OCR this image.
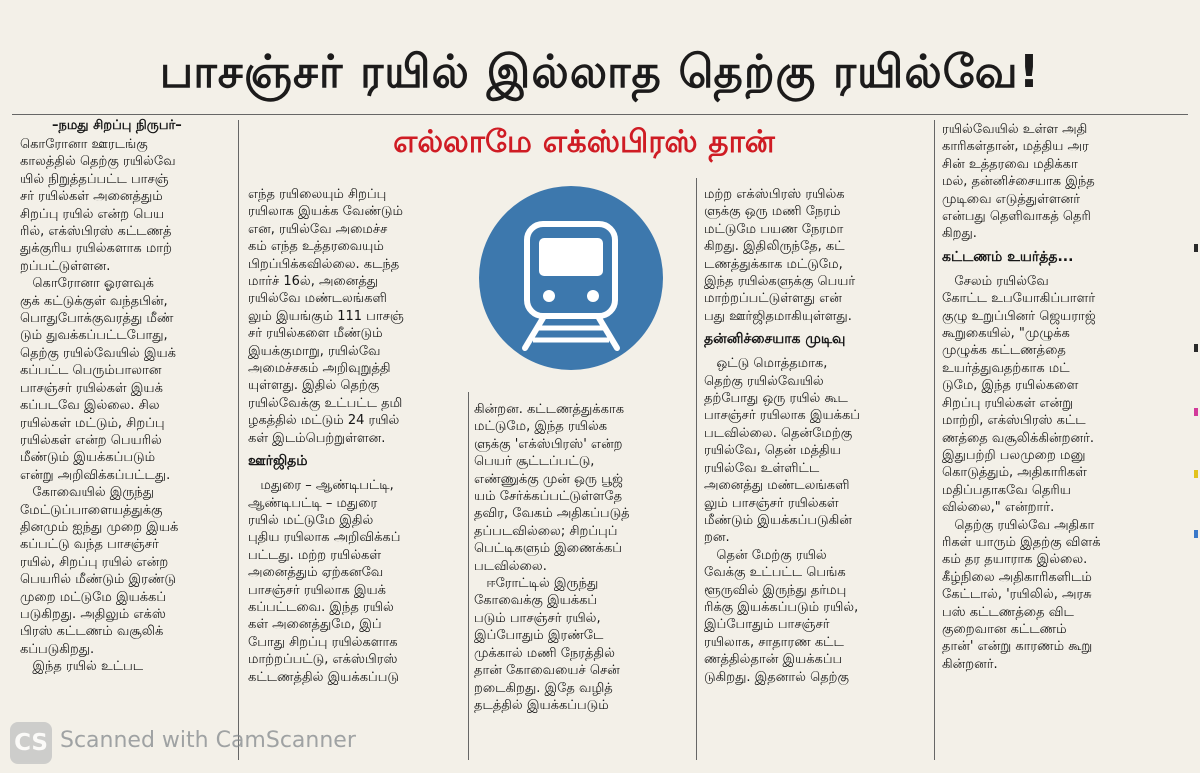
பாசஞ்சர் ரயில் இல்லாத தெற்கு ரயில்வே!
–நமது சிறப்பு நிருபர்–	எல்லாமே எக்ஸ்பிரஸ் தான்

கொரோனா ஊரடங்கு

காலத்தில் தெற்கு ரயில்வே

யில் நிறுத்தப்பட்ட பாசஞ்

சர் ரயில்கள் அனைத்தும்

சிறப்பு ரயில் என்ற பெய

ரில், எக்ஸ்பிரஸ் கட்டணத்

துக்குரிய ரயில்களாக மாற்

றப்பட்டுள்ளன.

கொரோனா ஓரளவுக்

குக் கட்டுக்குள் வந்தபின்,

பொதுபோக்குவரத்து மீண்

டும் துவக்கப்பட்டபோது,

தெற்கு ரயில்வேயில் இயக்

கப்பட்ட பெரும்பாலான

பாசஞ்சர் ரயில்கள் இயக்

கப்படவே இல்லை. சில

ரயில்கள் மட்டும், சிறப்பு

ரயில்கள் என்ற பெயரில்

மீண்டும் இயக்கப்படும்

என்று அறிவிக்கப்பட்டது.

கோவையில் இருந்து

மேட்டுப்பாளையத்துக்கு

தினமும் ஐந்து முறை இயக்

கப்பட்டு வந்த பாசஞ்சர்

ரயில், சிறப்பு ரயில் என்ற

பெயரில் மீண்டும் இரண்டு

முறை மட்டுமே இயக்கப்

படுகிறது. அதிலும் எக்ஸ்

பிரஸ் கட்டணம் வசூலிக்

கப்படுகிறது.

இந்த ரயில் உட்பட

எந்த ரயிலையும் சிறப்பு

ரயிலாக இயக்க வேண்டும்

என, ரயில்வே அமைச்ச

கம் எந்த உத்தரவையும்

பிறப்பிக்கவில்லை. கடந்த

மார்ச் 16ல், அனைத்து

ரயில்வே மண்டலங்களி

லும் இயங்கும் 111 பாசஞ்

சர் ரயில்களை மீண்டும்

இயக்குமாறு, ரயில்வே

அமைச்சகம் அறிவுறுத்தி

யுள்ளது. இதில் தெற்கு

ரயில்வேக்கு உட்பட்ட தமி

ழகத்தில் மட்டும் 24 ரயில்

கள் இடம்பெற்றுள்ளன.

ஊர்ஜிதம்

மதுரை – ஆண்டிபட்டி,

ஆண்டிபட்டி – மதுரை

ரயில் மட்டுமே இதில்

புதிய ரயிலாக அறிவிக்கப்

பட்டது. மற்ற ரயில்கள்

அனைத்தும் ஏற்கனவே

பாசஞ்சர் ரயிலாக இயக்

கப்பட்டவை. இந்த ரயில்

கள் அனைத்துமே, இப்

போது சிறப்பு ரயில்களாக

மாற்றப்பட்டு, எக்ஸ்பிரஸ்

கட்டணத்தில் இயக்கப்படு

கின்றன. கட்டணத்துக்காக

மட்டுமே, இந்த ரயில்க

ளுக்கு 'எக்ஸ்பிரஸ்' என்ற

பெயர் சூட்டப்பட்டு,

எண்ணுக்கு முன் ஒரு பூஜ்

யம் சேர்க்கப்பட்டுள்ளதே

தவிர, வேகம் அதிகப்படுத்

தப்படவில்லை; சிறப்புப்

பெட்டிகளும் இணைக்கப்

படவில்லை.

ஈரோட்டில் இருந்து

கோவைக்கு இயக்கப்

படும் பாசஞ்சர் ரயில்,

இப்போதும் இரண்டே

முக்கால் மணி நேரத்தில்

தான் கோவையைச் சென்

றடைகிறது. இதே வழித்

தடத்தில் இயக்கப்படும்

மற்ற எக்ஸ்பிரஸ் ரயில்க

ளுக்கு ஒரு மணி நேரம்

மட்டுமே பயண நேரமா

கிறது. இதிலிருந்தே, கட்

டணத்துக்காக மட்டுமே,

இந்த ரயில்களுக்கு பெயர்

மாற்றப்பட்டுள்ளது என்

பது ஊர்ஜிதமாகியுள்ளது.

தன்னிச்சையாக முடிவு

ஒட்டு மொத்தமாக,

தெற்கு ரயில்வேயில்

தற்போது ஒரு ரயில் கூட

பாசஞ்சர் ரயிலாக இயக்கப்

படவில்லை. தென்மேற்கு

ரயில்வே, தென் மத்திய

ரயில்வே உள்ளிட்ட

அனைத்து மண்டலங்களி

லும் பாசஞ்சர் ரயில்கள்

மீண்டும் இயக்கப்படுகின்

றன.

தென் மேற்கு ரயில்

வேக்கு உட்பட்ட பெங்க

ளூருவில் இருந்து தர்மபு

ரிக்கு இயக்கப்படும் ரயில்,

இப்போதும் பாசஞ்சர்

ரயிலாக, சாதாரண கட்ட

ணத்தில்தான் இயக்கப்ப

டுகிறது. இதனால் தெற்கு

ரயில்வேயில் உள்ள அதி

காரிகள்தான், மத்திய அர

சின் உத்தரவை மதிக்கா

மல், தன்னிச்சையாக இந்த

முடிவை எடுத்துள்ளனர்

என்பது தெளிவாகத் தெரி

கிறது.

கட்டணம் உயர்த்த...

சேலம் ரயில்வே

கோட்ட உபயோகிப்பாளர்

குழு உறுப்பினர் ஜெயராஜ்

கூறுகையில், "முழுக்க

முழுக்க கட்டணத்தை

உயர்த்துவதற்காக மட்

டுமே, இந்த ரயில்களை

சிறப்பு ரயில்கள் என்று

மாற்றி, எக்ஸ்பிரஸ் கட்ட

ணத்தை வசூலிக்கின்றனர்.

இதுபற்றி பலமுறை மனு

கொடுத்தும், அதிகாரிகள்

மதிப்பதாகவே தெரிய

வில்லை," என்றார்.

தெற்கு ரயில்வே அதிகா

ரிகள் யாரும் இதற்கு விளக்

கம் தர தயாராக இல்லை.

கீழ்நிலை அதிகாரிகளிடம்

கேட்டால், 'ரயிலில், அரசு

பஸ் கட்டணத்தை விட

குறைவான கட்டணம்

தான்' என்று காரணம் கூறு

கின்றனர்.

CS Scanned with CamScanner
